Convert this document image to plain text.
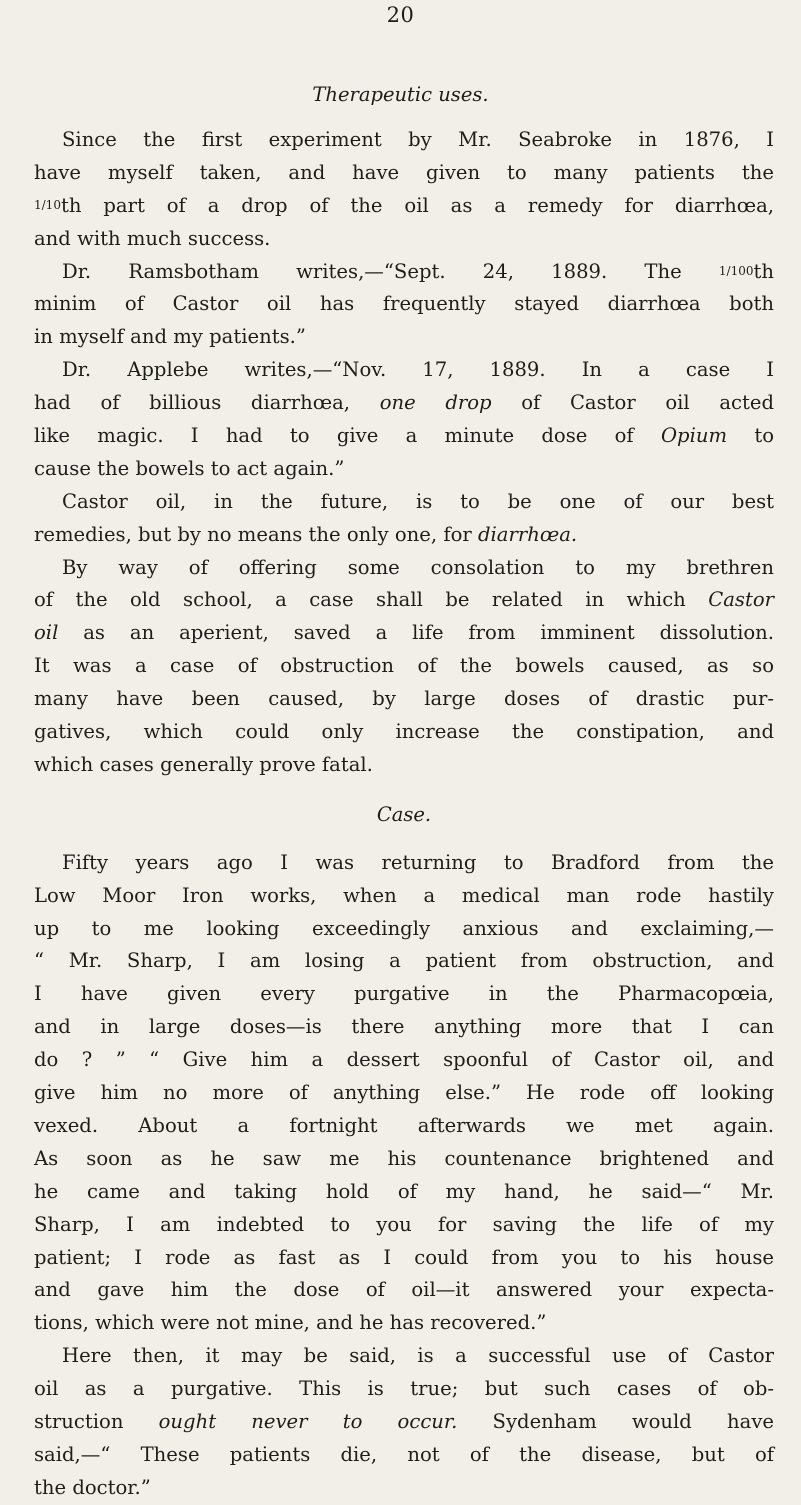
20
Therapeutic uses.
Since the first experiment by Mr. Seabroke in 1876, I
have myself taken, and have given to many patients the
1/10th part of a drop of the oil as a remedy for diarrhœa,
and with much success.
Dr. Ramsbotham writes,—“Sept. 24, 1889. The	1/100th
minim of Castor oil has frequently stayed diarrhœa both
in myself and my patients.”
Dr. Applebe writes,—“Nov. 17, 1889. In a case I
had of billious diarrhœa, one drop of Castor oil acted
like magic. I had to give a minute dose of Opium to
cause the bowels to act again.”
Castor oil, in the future, is to be one of our best
remedies, but by no means the only one, for diarrhœa.
By way of offering some consolation to my brethren
of the old school, a case shall be related in which Castor
oil as an aperient, saved a life from imminent dissolution.
It was a case of obstruction of the bowels caused, as so
many have been caused, by large doses of drastic pur-
gatives, which could only increase the constipation, and
which cases generally prove fatal.
Case.
Fifty years ago I was returning to Bradford from the
Low Moor Iron works, when a medical man rode hastily
up to me looking exceedingly anxious and exclaiming,—
“ Mr. Sharp, I am losing a patient from obstruction, and
I have given every purgative in the Pharmacopœia,
and in large doses—is there anything more that I can
do ? ” “ Give him a dessert spoonful of Castor oil, and
give him no more of anything else.” He rode off looking
vexed. About a fortnight afterwards we met again.
As soon as he saw me his countenance brightened and
he came and taking hold of my hand, he said—“ Mr.
Sharp, I am indebted to you for saving the life of my
patient; I rode as fast as I could from you to his house
and gave him the dose of oil—it answered your expecta-
tions, which were not mine, and he has recovered.”
Here then, it may be said, is a successful use of Castor
oil as a purgative. This is true; but such cases of ob-
struction ought never to occur. Sydenham would have
said,—“ These patients die, not of the disease, but of
the doctor.”
